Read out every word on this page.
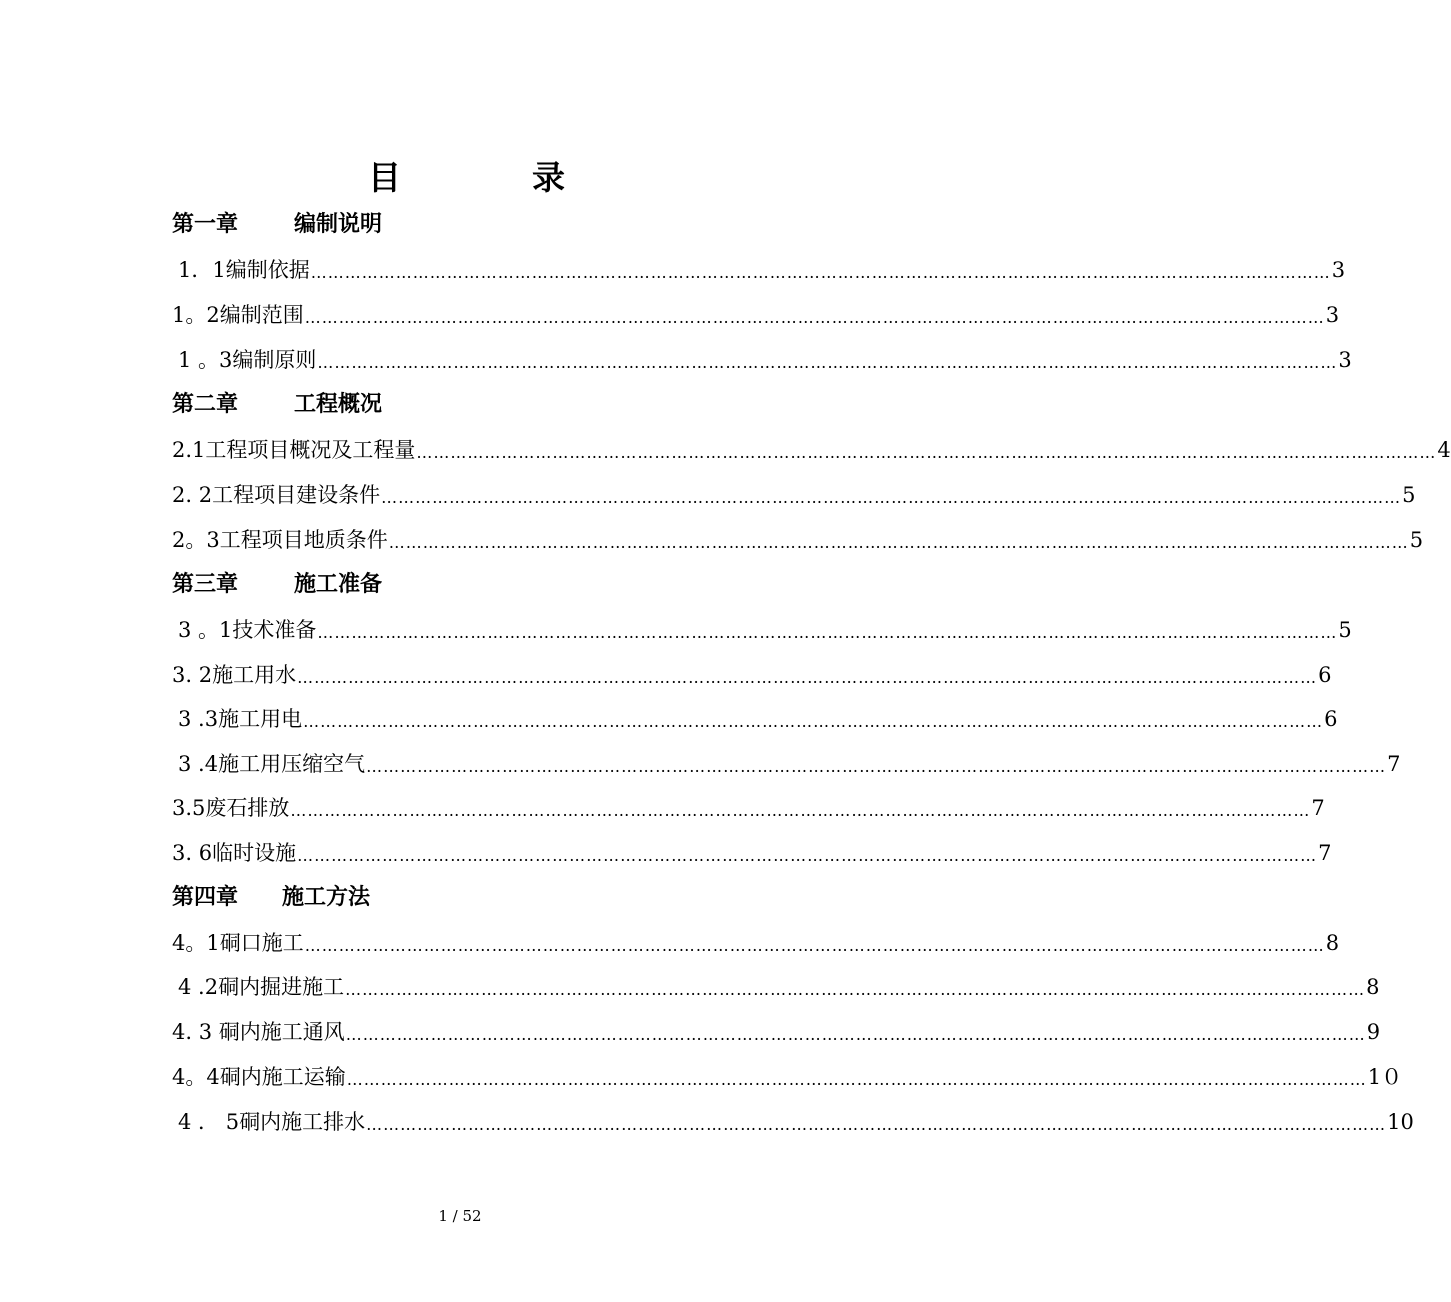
目	录
第一章	编制说明
1．1编制依据 ……………………………………………………………………………………………………………………………………………………………… 3
1。2编制范围 ……………………………………………………………………………………………………………………………………………………………… 3
1 。3编制原则 ……………………………………………………………………………………………………………………………………………………………… 3
第二章	工程概况
2.1工程项目概况及工程量 ……………………………………………………………………………………………………………………………………………………………… 4
2. 2工程项目建设条件 ……………………………………………………………………………………………………………………………………………………………… 5
2。3工程项目地质条件 ……………………………………………………………………………………………………………………………………………………………… 5
第三章	施工准备
3 。1技术准备 ……………………………………………………………………………………………………………………………………………………………… 5
3. 2施工用水 ……………………………………………………………………………………………………………………………………………………………… 6
3 .3施工用电 ……………………………………………………………………………………………………………………………………………………………… 6
3 .4施工用压缩空气 ……………………………………………………………………………………………………………………………………………………………… 7
3.5废石排放 ……………………………………………………………………………………………………………………………………………………………… 7
3. 6临时设施 ……………………………………………………………………………………………………………………………………………………………… 7
第四章 施工方法
4。1硐口施工 ……………………………………………………………………………………………………………………………………………………………… 8
4 .2硐内掘进施工 ……………………………………………………………………………………………………………………………………………………………… 8
4. 3 硐内施工通风 ……………………………………………………………………………………………………………………………………………………………… 9
4。4硐内施工运输 ……………………………………………………………………………………………………………………………………………………………… 1０
4 ． 5硐内施工排水 ……………………………………………………………………………………………………………………………………………………………… 10
1 / 52
